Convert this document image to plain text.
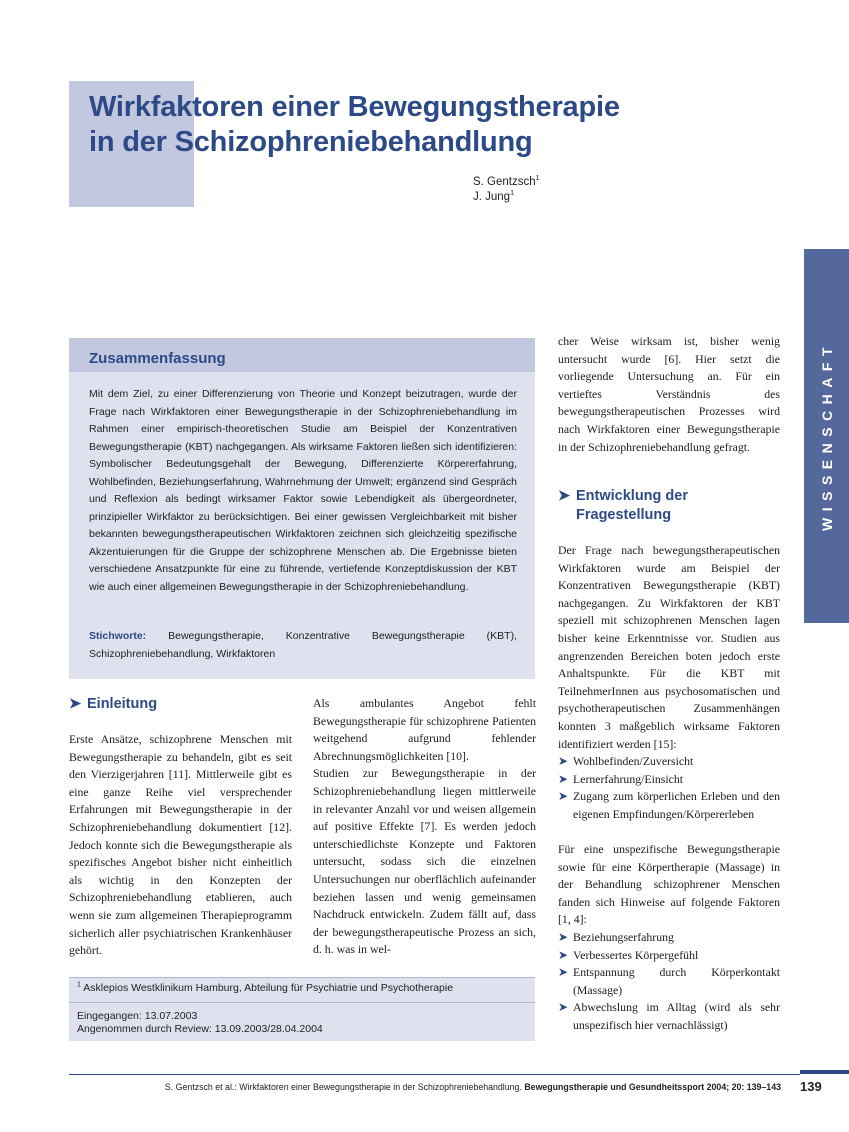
Wirkfaktoren einer Bewegungstherapie
in der Schizophreniebehandlung
S. Gentzsch$^1$
J. Jung$^1$
WISSENSCHAFT
Zusammenfassung

Mit dem Ziel, zu einer Differenzierung von Theorie und Konzept beizutragen, wurde der Frage nach Wirkfaktoren einer Bewegungstherapie in der Schizophreniebehandlung im Rahmen einer empirisch-theoretischen Studie am Beispiel der Konzentrativen Bewegungstherapie (KBT) nachgegangen. Als wirksame Faktoren ließen sich identifizieren: Symbolischer Bedeutungsgehalt der Bewegung, Differenzierte Körpererfahrung, Wohlbefinden, Beziehungserfahrung, Wahrnehmung der Umwelt; ergänzend sind Gespräch und Reflexion als bedingt wirksamer Faktor sowie Lebendigkeit als übergeordneter, prinzipieller Wirkfaktor zu berücksichtigen. Bei einer gewissen Vergleichbarkeit mit bisher bekannten bewegungstherapeutischen Wirkfaktoren zeichnen sich gleichzeitig spezifische Akzentuierungen für die Gruppe der schizophrene Menschen ab. Die Ergebnisse bieten verschiedene Ansatzpunkte für eine zu führende, vertiefende Konzeptdiskussion der KBT wie auch einer allgemeinen Bewegungstherapie in der Schizophreniebehandlung.

Stichworte: Bewegungstherapie, Konzentrative Bewegungstherapie (KBT), Schizophreniebehandlung, Wirkfaktoren

➤ Einleitung

Erste Ansätze, schizophrene Menschen mit Bewegungstherapie zu behandeln, gibt es seit den Vierzigerjahren [11]. Mittlerweile gibt es eine ganze Reihe viel versprechender Erfahrungen mit Bewegungstherapie in der Schizophreniebehandlung dokumentiert [12]. Jedoch konnte sich die Bewegungstherapie als spezifisches Angebot bisher nicht einheitlich als wichtig in den Konzepten der Schizophreniebehandlung etablieren, auch wenn sie zum allgemeinen Therapieprogramm sicherlich aller psychiatrischen Krankenhäuser gehört.

Als ambulantes Angebot fehlt Bewegungstherapie für schizophrene Patienten weitgehend aufgrund fehlender Abrechnungsmöglichkeiten [10].

Studien zur Bewegungstherapie in der Schizophreniebehandlung liegen mittlerweile in relevanter Anzahl vor und weisen allgemein auf positive Effekte [7]. Es werden jedoch unterschiedlichste Konzepte und Faktoren untersucht, sodass sich die einzelnen Untersuchungen nur oberflächlich aufeinander beziehen lassen und wenig gemeinsamen Nachdruck entwickeln. Zudem fällt auf, dass der bewegungstherapeutische Prozess an sich, d. h. was in wel-

cher Weise wirksam ist, bisher wenig untersucht wurde [6]. Hier setzt die vorliegende Untersuchung an. Für ein vertieftes Verständnis des bewegungstherapeutischen Prozesses wird nach Wirkfaktoren einer Bewegungstherapie in der Schizophreniebehandlung gefragt.

➤ Entwicklung der
Fragestellung

Der Frage nach bewegungstherapeutischen Wirkfaktoren wurde am Beispiel der Konzentrativen Bewegungstherapie (KBT) nachgegangen. Zu Wirkfaktoren der KBT speziell mit schizophrenen Menschen lagen bisher keine Erkenntnisse vor. Studien aus angrenzenden Bereichen boten jedoch erste Anhaltspunkte. Für die KBT mit TeilnehmerInnen aus psychosomatischen und psychotherapeutischen Zusammenhängen konnten 3 maßgeblich wirksame Faktoren identifiziert werden [15]:

➤ Wohlbefinden/Zuversicht
➤ Lernerfahrung/Einsicht
➤ Zugang zum körperlichen Erleben und den eigenen Empfindungen/Körpererleben

Für eine unspezifische Bewegungstherapie sowie für eine Körpertherapie (Massage) in der Behandlung schizophrener Menschen fanden sich Hinweise auf folgende Faktoren [1, 4]:

➤ Beziehungserfahrung
➤ Verbessertes Körpergefühl
➤ Entspannung durch Körperkontakt (Massage)
➤ Abwechslung im Alltag (wird als sehr unspezifisch hier vernachlässigt)
$^1$ Asklepios Westklinikum Hamburg, Abteilung für Psychiatrie und Psychotherapie
Eingegangen: 13.07.2003
Angenommen durch Review: 13.09.2003/28.04.2004
S. Gentzsch et al.: Wirkfaktoren einer Bewegungstherapie in der Schizophreniebehandlung. Bewegungstherapie und Gesundheitssport 2004; 20: 139–143 139
